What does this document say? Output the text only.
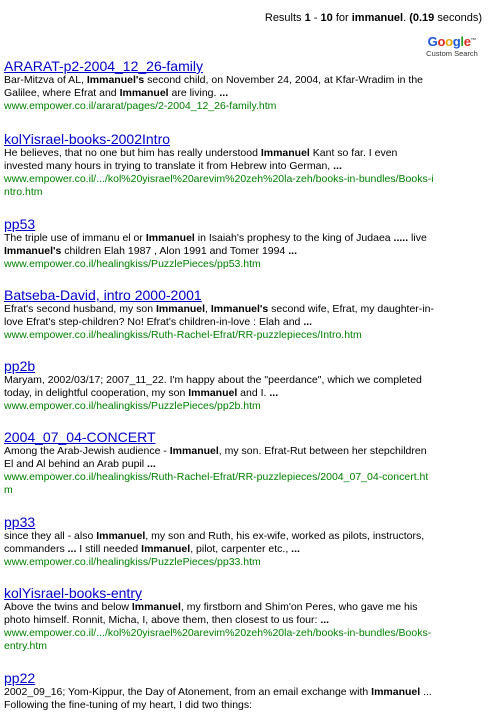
Results 1 - 10 for immanuel. (0.19 seconds)
Google™
Custom Search
ARARAT-p2-2004_12_26-family
Bar-Mitzva of AL, Immanuel's second child, on November 24, 2004, at Kfar-Wradim in the Galilee, where Efrat and Immanuel are living. ...
www.empower.co.il/ararat/pages/2-2004_12_26-family.htm
kolYisrael-books-2002Intro
He believes, that no one but him has really understood Immanuel Kant so far. I even invested many hours in trying to translate it from Hebrew into German, ...
www.empower.co.il/.../kol%20yisrael%20arevim%20zeh%20la-zeh/books-in-bundles/Books-intro.htm
pp53
The triple use of immanu el or Immanuel in Isaiah's prophesy to the king of Judaea ..... live Immanuel's children Elah 1987 , Alon 1991 and Tomer 1994 ...
www.empower.co.il/healingkiss/PuzzlePieces/pp53.htm
Batseba-David, intro 2000-2001
Efrat's second husband, my son Immanuel, Immanuel's second wife, Efrat, my daughter-in-love Efrat's step-children? No! Efrat's children-in-love : Elah and ...
www.empower.co.il/healingkiss/Ruth-Rachel-Efrat/RR-puzzlepieces/Intro.htm
pp2b
Maryam, 2002/03/17; 2007_11_22. I'm happy about the "peerdance", which we completed today, in delightful cooperation, my son Immanuel and I. ...
www.empower.co.il/healingkiss/PuzzlePieces/pp2b.htm
2004_07_04-CONCERT
Among the Arab-Jewish audience - Immanuel, my son. Efrat-Rut between her stepchildren El and Al behind an Arab pupil ...
www.empower.co.il/healingkiss/Ruth-Rachel-Efrat/RR-puzzlepieces/2004_07_04-concert.htm
pp33
since they all - also Immanuel, my son and Ruth, his ex-wife, worked as pilots, instructors, commanders ... I still needed Immanuel, pilot, carpenter etc., ...
www.empower.co.il/healingkiss/PuzzlePieces/pp33.htm
kolYisrael-books-entry
Above the twins and below Immanuel, my firstborn and Shim'on Peres, who gave me his photo himself. Ronnit, Micha, I, above them, then closest to us four: ...
www.empower.co.il/.../kol%20yisrael%20arevim%20zeh%20la-zeh/books-in-bundles/Books-entry.htm
pp22
2002_09_16; Yom-Kippur, the Day of Atonement, from an email exchange with Immanuel ... Following the fine-tuning of my heart, I did two things:
